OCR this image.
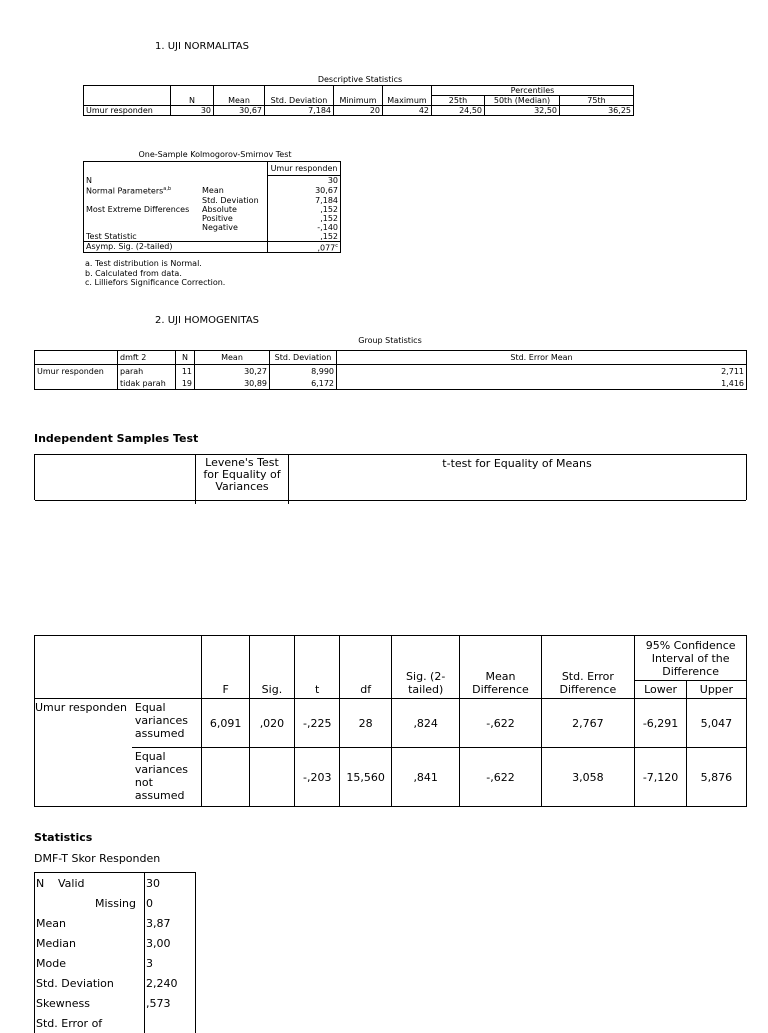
1. UJI NORMALITAS
Descriptive Statistics
						Percentiles		
	N	Mean	Std. Deviation	Minimum	Maximum	25th	50th (Median)	75th
Umur responden	30	30,67	7,184	20	42	24,50	32,50	36,25
One-Sample Kolmogorov-Smirnov Test
		Umur responden
N		30
Normal Parameters$^{a,b}$	Mean	30,67
	Std. Deviation	7,184
Most Extreme Differences	Absolute	,152
	Positive	,152
	Negative	-,140
Test Statistic		,152
Asymp. Sig. (2-tailed)		,077$^c$
a. Test distribution is Normal.
b. Calculated from data.
c. Lilliefors Significance Correction.
2. UJI HOMOGENITAS
Group Statistics
	dmft 2	N	Mean	Std. Deviation	Std. Error Mean
Umur responden	parah	11	30,27	8,990	2,711
	tidak parah	19	30,89	6,172	1,416
Independent Samples Test
Levene's Test for Equality of Variances
t-test for Equality of Means
		F	Sig.	t	df	Sig. (2-tailed)	Mean Difference	Std. Error Difference	95% Confidence Interval of the Difference	
									Lower	Upper
Umur responden	Equal variances assumed	6,091	,020	-,225	28	,824	-,622	2,767	-6,291	5,047
	Equal variances not assumed			-,203	15,560	,841	-,622	3,058	-7,120	5,876
Statistics
DMF-T Skor Responden
N	Valid	30
	Missing	0
Mean		3,87
Median		3,00
Mode		3
Std. Deviation		2,240
Skewness		,573
Std. Error of		
